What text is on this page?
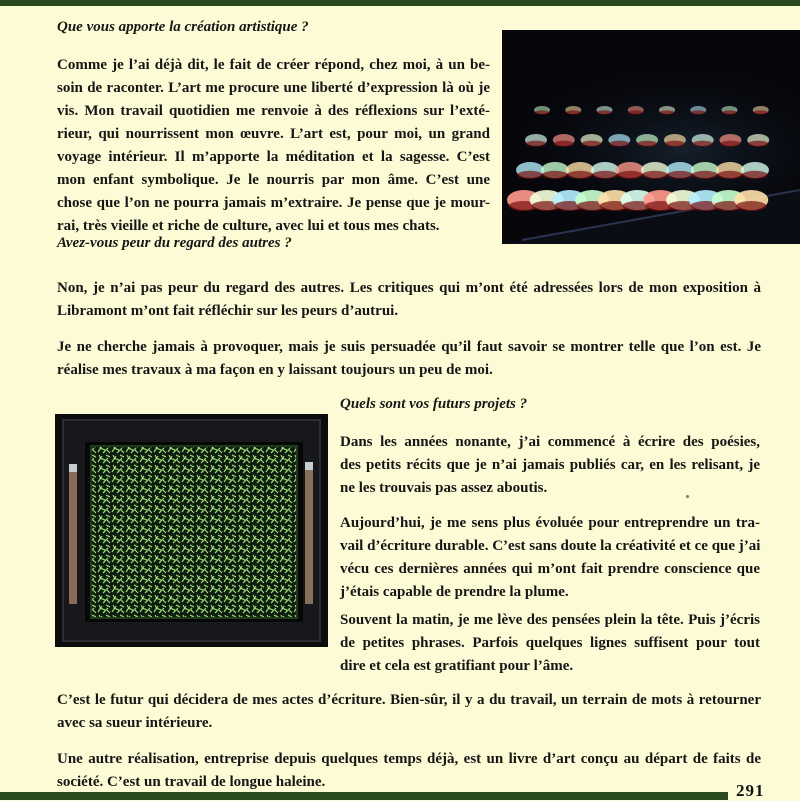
Que vous apporte la création artistique ?

Comme je l’ai déjà dit, le fait de créer répond, chez moi, à un be-
soin de raconter. L’art me procure une liberté d’expression là où je
vis. Mon travail quotidien me renvoie à des réflexions sur l’exté-
rieur, qui nourrissent mon œuvre. L’art est, pour moi, un grand
voyage intérieur. Il m’apporte la méditation et la sagesse. C’est
mon enfant symbolique. Je le nourris par mon âme. C’est une
chose que l’on ne pourra jamais m’extraire. Je pense que je mour-
rai, très vieille et riche de culture, avec lui et tous mes chats.

Avez-vous peur du regard des autres ?

Non, je n’ai pas peur du regard des autres. Les critiques qui m’ont été adressées lors de mon exposition à
Libramont m’ont fait réfléchir sur les peurs d’autrui.

Je ne cherche jamais à provoquer, mais je suis persuadée qu’il faut savoir se montrer telle que l’on est. Je
réalise mes travaux à ma façon en y laissant toujours un peu de moi.

Quels sont vos futurs projets ?

Dans les années nonante, j’ai commencé à écrire des poésies,
des petits récits que je n’ai jamais publiés car, en les relisant, je
ne les trouvais pas assez aboutis.

Aujourd’hui, je me sens plus évoluée pour entreprendre un tra-
vail d’écriture durable. C’est sans doute la créativité et ce que j’ai
vécu ces dernières années qui m’ont fait prendre conscience que
j’étais capable de prendre la plume.

Souvent la matin, je me lève des pensées plein la tête. Puis j’écris
de petites phrases. Parfois quelques lignes suffisent pour tout
dire et cela est gratifiant pour l’âme.

C’est le futur qui décidera de mes actes d’écriture. Bien-sûr, il y a du travail, un terrain de mots à retourner
avec sa sueur intérieure.

Une autre réalisation, entreprise depuis quelques temps déjà, est un livre d’art conçu au départ de faits de
société. C’est un travail de longue haleine.	291
